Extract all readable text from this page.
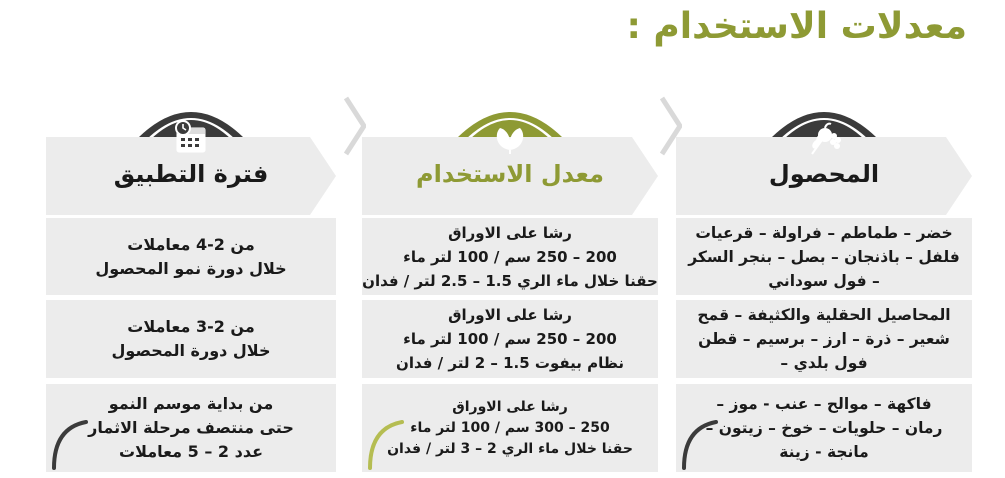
معدلات الاستخدام :
فترة التطبيق
من 2-4 معاملات
خلال دورة نمو المحصول
من 2-3 معاملات
خلال دورة المحصول
من بداية موسم النمو
حتى منتصف مرحلة الاثمار
عدد 2 – 5 معاملات
معدل الاستخدام
رشا على الاوراق
200 – 250 سم / 100 لتر ماء
حقنا خلال ماء الري 1.5 – 2.5 لتر / فدان
رشا على الاوراق
200 – 250 سم / 100 لتر ماء
نظام بيفوت 1.5 – 2 لتر / فدان
رشا على الاوراق
250 – 300 سم / 100 لتر ماء
حقنا خلال ماء الري 2 – 3 لتر / فدان
المحصول
خضر – طماطم – فراولة – قرعيات
فلفل – باذنجان – بصل – بنجر السكر
– فول سوداني
المحاصيل الحقلية والكثيفة – قمح
شعير – ذرة – ارز – برسيم – قطن
فول بلدي –
فاكهة – موالح – عنب - موز –
رمان – حلويات – خوخ – زيتون –
مانجة - زينة
